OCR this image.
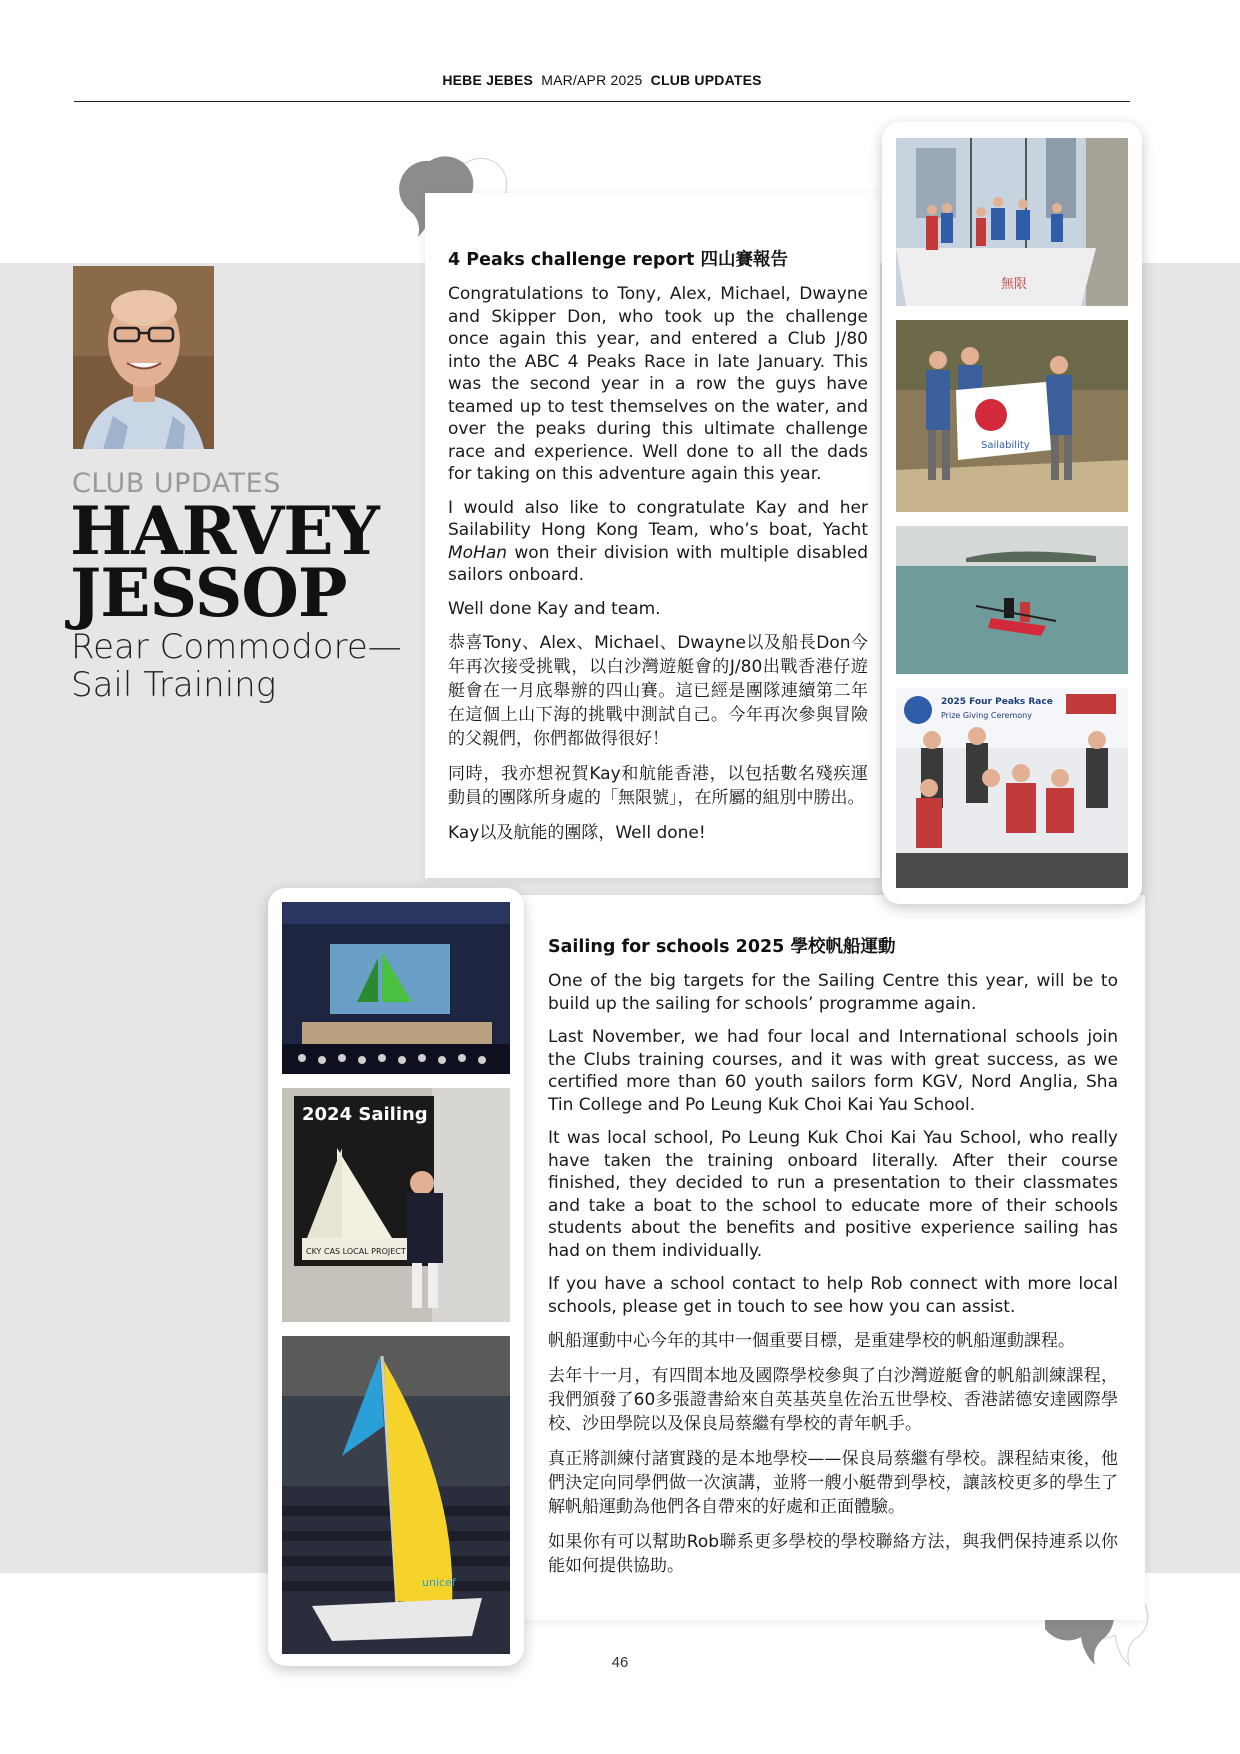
HEBE JEBES MAR/APR 2025 CLUB UPDATES
CLUB UPDATES
HARVEY
JESSOP
Rear Commodore—
Sail Training
4 Peaks challenge report 四山賽報告

Congratulations to Tony, Alex, Michael, Dwayne and Skipper Don, who took up the challenge once again this year, and entered a Club J/80 into the ABC 4 Peaks Race in late January. This was the second year in a row the guys have teamed up to test themselves on the water, and over the peaks during this ultimate challenge race and experience. Well done to all the dads for taking on this adventure again this year.

I would also like to congratulate Kay and her Sailability Hong Kong Team, who’s boat, Yacht MoHan won their division with multiple disabled sailors onboard.

Well done Kay and team.

恭喜Tony、Alex、Michael、Dwayne以及船長Don今年再次接受挑戰，以白沙灣遊艇會的J/80出戰香港仔遊艇會在一月底舉辦的四山賽。這已經是團隊連續第二年在這個上山下海的挑戰中測試自己。今年再次參與冒險的父親們，你們都做得很好！

同時，我亦想祝賀Kay和航能香港，以包括數名殘疾運動員的團隊所身處的「無限號」，在所屬的組別中勝出。

Kay以及航能的團隊，Well done!

Sailing for schools 2025 學校帆船運動

One of the big targets for the Sailing Centre this year, will be to build up the sailing for schools’ programme again.

Last November, we had four local and International schools join the Clubs training courses, and it was with great success, as we certified more than 60 youth sailors form KGV, Nord Anglia, Sha Tin College and Po Leung Kuk Choi Kai Yau School.

It was local school, Po Leung Kuk Choi Kai Yau School, who really have taken the training onboard literally. After their course finished, they decided to run a presentation to their classmates and take a boat to the school to educate more of their schools students about the benefits and positive experience sailing has had on them individually.

If you have a school contact to help Rob connect with more local schools, please get in touch to see how you can assist.

帆船運動中心今年的其中一個重要目標，是重建學校的帆船運動課程。

去年十一月，有四間本地及國際學校參與了白沙灣遊艇會的帆船訓練課程，我們頒發了60多張證書給來自英基英皇佐治五世學校、香港諾德安達國際學校、沙田學院以及保良局蔡繼有學校的青年帆手。

真正將訓練付諸實踐的是本地學校——保良局蔡繼有學校。課程結束後，他們決定向同學們做一次演講，並將一艘小艇帶到學校，讓該校更多的學生了解帆船運動為他們各自帶來的好處和正面體驗。

如果你有可以幫助Rob聯系更多學校的學校聯絡方法，與我們保持連系以你能如何提供協助。

無限
Sailability
2025 Four Peaks Race
Prize Giving Ceremony
2024 Sailing
CKY CAS LOCAL PROJECT
unicef
46
